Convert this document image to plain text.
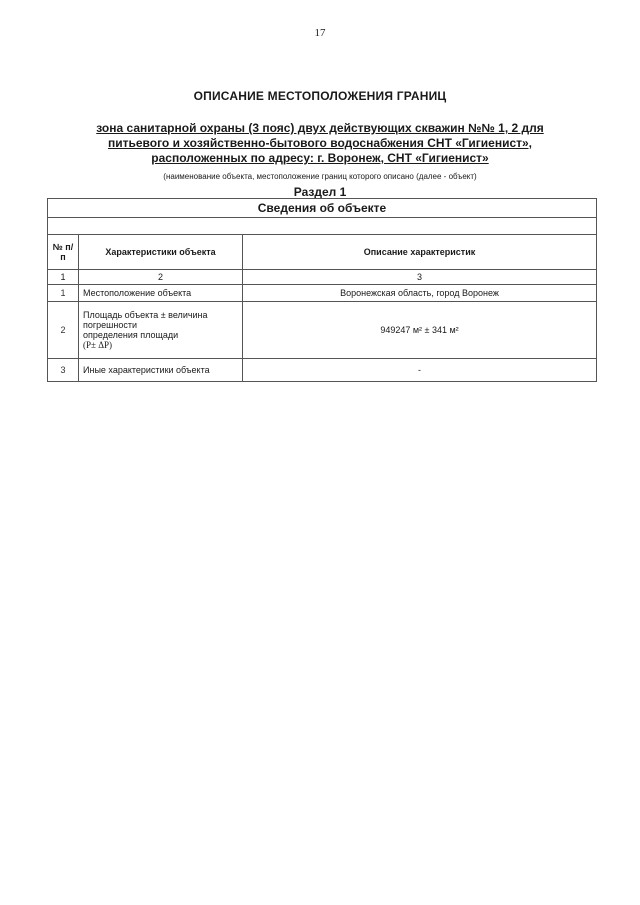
17
ОПИСАНИЕ МЕСТОПОЛОЖЕНИЯ ГРАНИЦ
зона санитарной охраны (3 пояс) двух действующих скважин №№ 1, 2 для
питьевого и хозяйственно-бытового водоснабжения СНТ «Гигиенист»,
расположенных по адресу: г. Воронеж, СНТ «Гигиенист»
(наименование объекта, местоположение границ которого описано (далее - объект)
Раздел 1
Сведения об объекте		

№ п/п	Характеристики объекта	Описание характеристик
1	2	3
1	Местоположение объекта	Воронежская область, город Воронеж
2	Площадь объекта ± величина
погрешности
определения площади
(P± ΔP)	949247 м² ± 341 м²
3	Иные характеристики объекта	-
